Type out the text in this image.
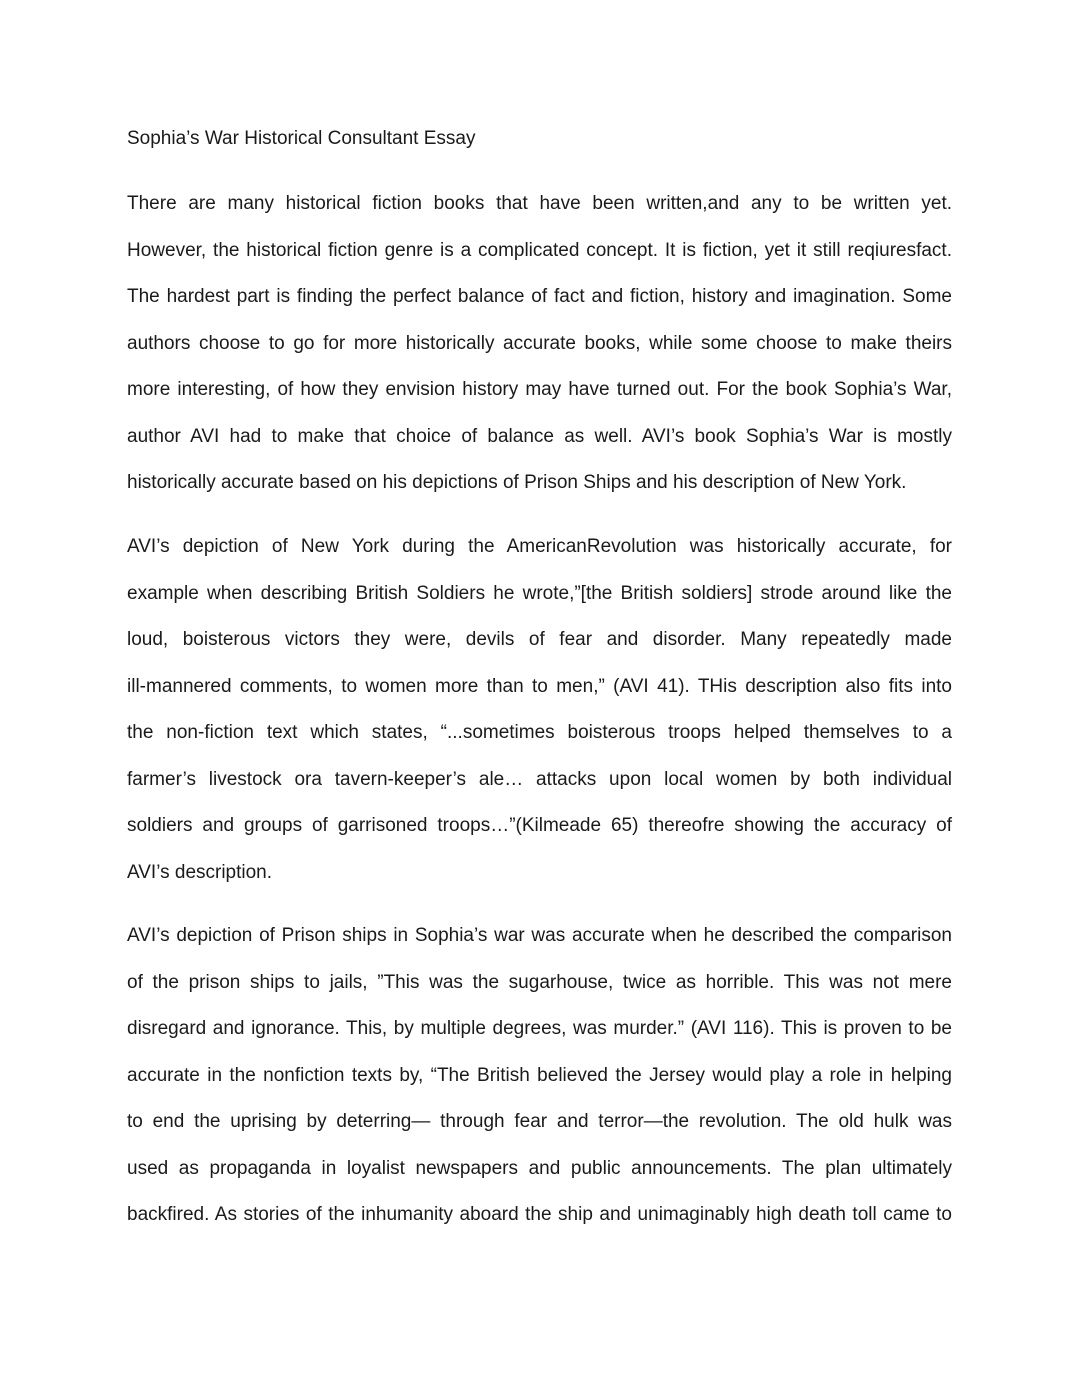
Sophia’s War Historical Consultant Essay
There are many historical fiction books that have been written,and any to be written yet.
However, the historical fiction genre is a complicated concept. It is fiction, yet it still reqiuresfact.
The hardest part is finding the perfect balance of fact and fiction, history and imagination. Some
authors choose to go for more historically accurate books, while some choose to make theirs
more interesting, of how they envision history may have turned out. For the book Sophia’s War,
author AVI had to make that choice of balance as well. AVI’s book Sophia’s War is mostly
historically accurate based on his depictions of Prison Ships and his description of New York.
AVI’s depiction of New York during the AmericanRevolution was historically accurate, for
example when describing British Soldiers he wrote,”[the British soldiers] strode around like the
loud, boisterous victors they were, devils of fear and disorder. Many repeatedly made
ill-mannered comments, to women more than to men,” (AVI 41). THis description also fits into
the non-fiction text which states, “...sometimes boisterous troops helped themselves to a
farmer’s livestock ora tavern-keeper’s ale… attacks upon local women by both individual
soldiers and groups of garrisoned troops…”(Kilmeade 65) thereofre showing the accuracy of
AVI’s description.
AVI’s depiction of Prison ships in Sophia’s war was accurate when he described the comparison
of the prison ships to jails, ”This was the sugarhouse, twice as horrible. This was not mere
disregard and ignorance. This, by multiple degrees, was murder.” (AVI 116). This is proven to be
accurate in the nonfiction texts by, “The British believed the Jersey would play a role in helping
to end the uprising by deterring— through fear and terror—the revolution. The old hulk was
used as propaganda in loyalist newspapers and public announcements. The plan ultimately
backfired. As stories of the inhumanity aboard the ship and unimaginably high death toll came to
